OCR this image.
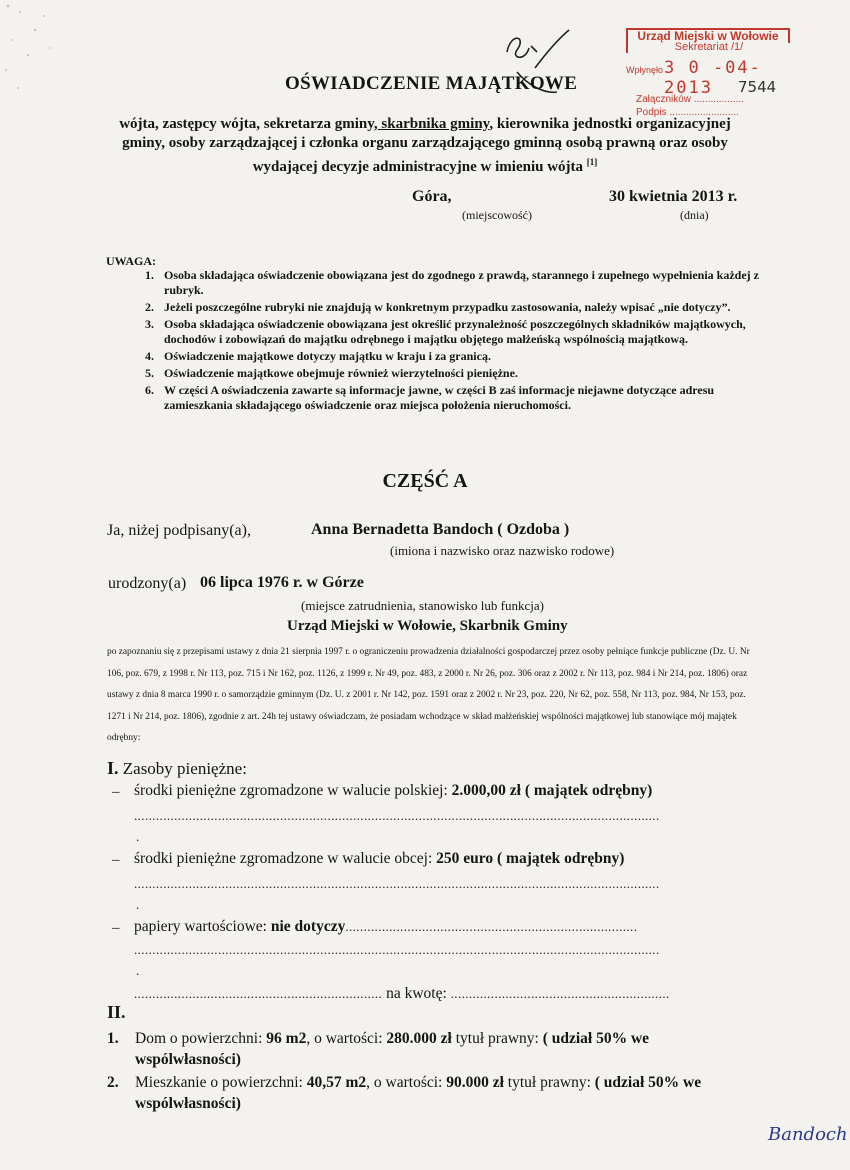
Urząd Miejski w Wołowie
Sekretariat /1/
Wpłynęło 3 0 -04- 2013	7544
Załączników ..................
Podpis .........................
OŚWIADCZENIE MAJĄTKOWE
wójta, zastępcy wójta, sekretarza gminy, skarbnika gminy, kierownika jednostki organizacyjnej gminy, osoby zarządzającej i członka organu zarządzającego gminną osobą prawną oraz osoby wydającej decyzje administracyjne w imieniu wójta [1]
Góra,
(miejscowość)
30 kwietnia 2013 r.
(dnia)
UWAGA:
1. Osoba składająca oświadczenie obowiązana jest do zgodnego z prawdą, starannego i zupełnego wypełnienia każdej z rubryk.
2. Jeżeli poszczególne rubryki nie znajdują w konkretnym przypadku zastosowania, należy wpisać „nie dotyczy”.
3. Osoba składająca oświadczenie obowiązana jest określić przynależność poszczególnych składników majątkowych, dochodów i zobowiązań do majątku odrębnego i majątku objętego małżeńską wspólnością majątkową.
4. Oświadczenie majątkowe dotyczy majątku w kraju i za granicą.
5. Oświadczenie majątkowe obejmuje również wierzytelności pieniężne.
6. W części A oświadczenia zawarte są informacje jawne, w części B zaś informacje niejawne dotyczące adresu zamieszkania składającego oświadczenie oraz miejsca położenia nieruchomości.
CZĘŚĆ A
Ja, niżej podpisany(a),	Anna Bernadetta Bandoch ( Ozdoba )
(imiona i nazwisko oraz nazwisko rodowe)
urodzony(a) 06 lipca 1976 r. w Górze
(miejsce zatrudnienia, stanowisko lub funkcja)
Urząd Miejski w Wołowie, Skarbnik Gminy
po zapoznaniu się z przepisami ustawy z dnia 21 sierpnia 1997 r. o ograniczeniu prowadzenia działalności gospodarczej przez osoby pełniące funkcje publiczne (Dz. U. Nr 106, poz. 679, z 1998 r. Nr 113, poz. 715 i Nr 162, poz. 1126, z 1999 r. Nr 49, poz. 483, z 2000 r. Nr 26, poz. 306 oraz z 2002 r. Nr 113, poz. 984 i Nr 214, poz. 1806) oraz ustawy z dnia 8 marca 1990 r. o samorządzie gminnym (Dz. U. z 2001 r. Nr 142, poz. 1591 oraz z 2002 r. Nr 23, poz. 220, Nr 62, poz. 558, Nr 113, poz. 984, Nr 153, poz. 1271 i Nr 214, poz. 1806), zgodnie z art. 24h tej ustawy oświadczam, że posiadam wchodzące w skład małżeńskiej wspólności majątkowej lub stanowiące mój majątek odrębny:
I. Zasoby pieniężne:
– środki pieniężne zgromadzone w walucie polskiej: 2.000,00 zł ( majątek odrębny)
................................................................................................................................................
.
– środki pieniężne zgromadzone w walucie obcej: 250 euro ( majątek odrębny)
................................................................................................................................................
.
– papiery wartościowe: nie dotyczy................................................................................
................................................................................................................................................
.
.................................................................... na kwotę: ............................................................
II.
1.	Dom o powierzchni: 96 m2, o wartości: 280.000 zł tytuł prawny: ( udział 50% we wspólwłasności)
2.	Mieszkanie o powierzchni: 40,57 m2, o wartości: 90.000 zł tytuł prawny: ( udział 50% we wspólwłasności)
Bandoch
